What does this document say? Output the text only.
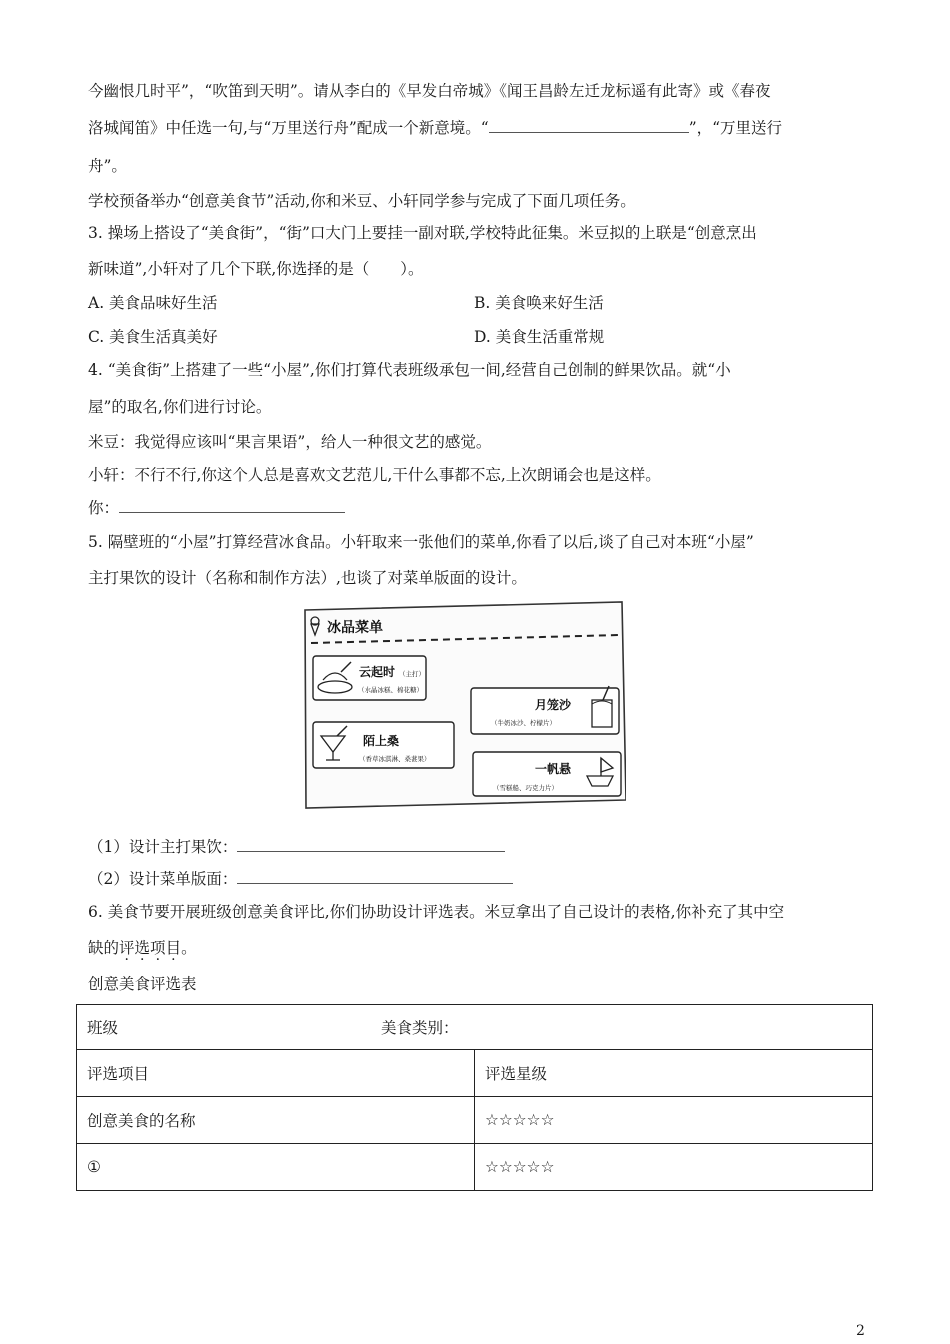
今幽恨几时平”，“吹笛到天明”。请从李白的《早发白帝城》《闻王昌龄左迁龙标遥有此寄》或《春夜
洛城闻笛》中任选一句,与“万里送行舟”配成一个新意境。“	”，“万里送行
舟”。
学校预备举办“创意美食节”活动,你和米豆、小轩同学参与完成了下面几项任务。
3. 操场上搭设了“美食街”，“街”口大门上要挂一副对联,学校特此征集。米豆拟的上联是“创意烹出
新味道”,小轩对了几个下联,你选择的是（　　）。
A. 美食品味好生活	B. 美食唤来好生活
C. 美食生活真美好	D. 美食生活重常规
4. “美食街”上搭建了一些“小屋”,你们打算代表班级承包一间,经营自己创制的鲜果饮品。就“小
屋”的取名,你们进行讨论。
米豆：我觉得应该叫“果言果语”，给人一种很文艺的感觉。
小轩：不行不行,你这个人总是喜欢文艺范儿,干什么事都不忘,上次朗诵会也是这样。
你：
5. 隔壁班的“小屋”打算经营冰食品。小轩取来一张他们的菜单,你看了以后,谈了自己对本班“小屋”
主打果饮的设计（名称和制作方法）,也谈了对菜单版面的设计。
冰品菜单
云起时 （主打）
（水晶冰糕、棉花糖）
月笼沙
（牛奶冰沙、柠檬片）
陌上桑
（香草冰淇淋、桑葚果）
一帆悬
（雪糕船、巧克力片）
（1）设计主打果饮：
（2）设计菜单版面：
6. 美食节要开展班级创意美食评比,你们协助设计评选表。米豆拿出了自己设计的表格,你补充了其中空
缺的评选项目。
创意美食评选表
班级 美食类别：	
评选项目	评选星级
创意美食的名称	☆☆☆☆☆
①	☆☆☆☆☆
2
